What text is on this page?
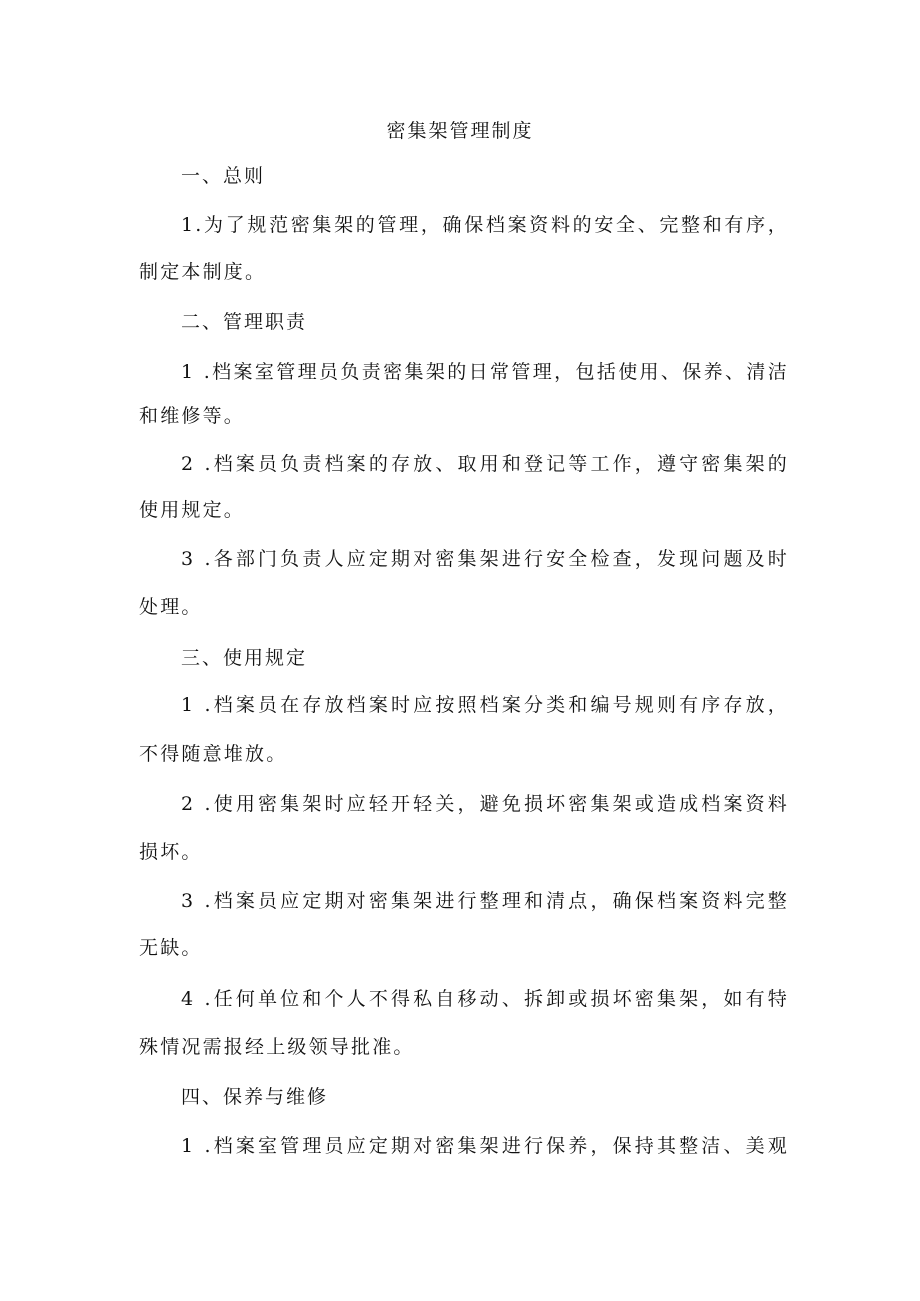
密集架管理制度

一、总则

1.为了规范密集架的管理，确保档案资料的安全、完整和有序，

制定本制度。

二、管理职责

1 .档案室管理员负责密集架的日常管理，包括使用、保养、清洁

和维修等。

2 .档案员负责档案的存放、取用和登记等工作，遵守密集架的

使用规定。

3 .各部门负责人应定期对密集架进行安全检查，发现问题及时

处理。

三、使用规定

1 .档案员在存放档案时应按照档案分类和编号规则有序存放，

不得随意堆放。

2 .使用密集架时应轻开轻关，避免损坏密集架或造成档案资料

损坏。

3 .档案员应定期对密集架进行整理和清点，确保档案资料完整

无缺。

4 .任何单位和个人不得私自移动、拆卸或损坏密集架，如有特

殊情况需报经上级领导批准。

四、保养与维修

1 .档案室管理员应定期对密集架进行保养，保持其整洁、美观
